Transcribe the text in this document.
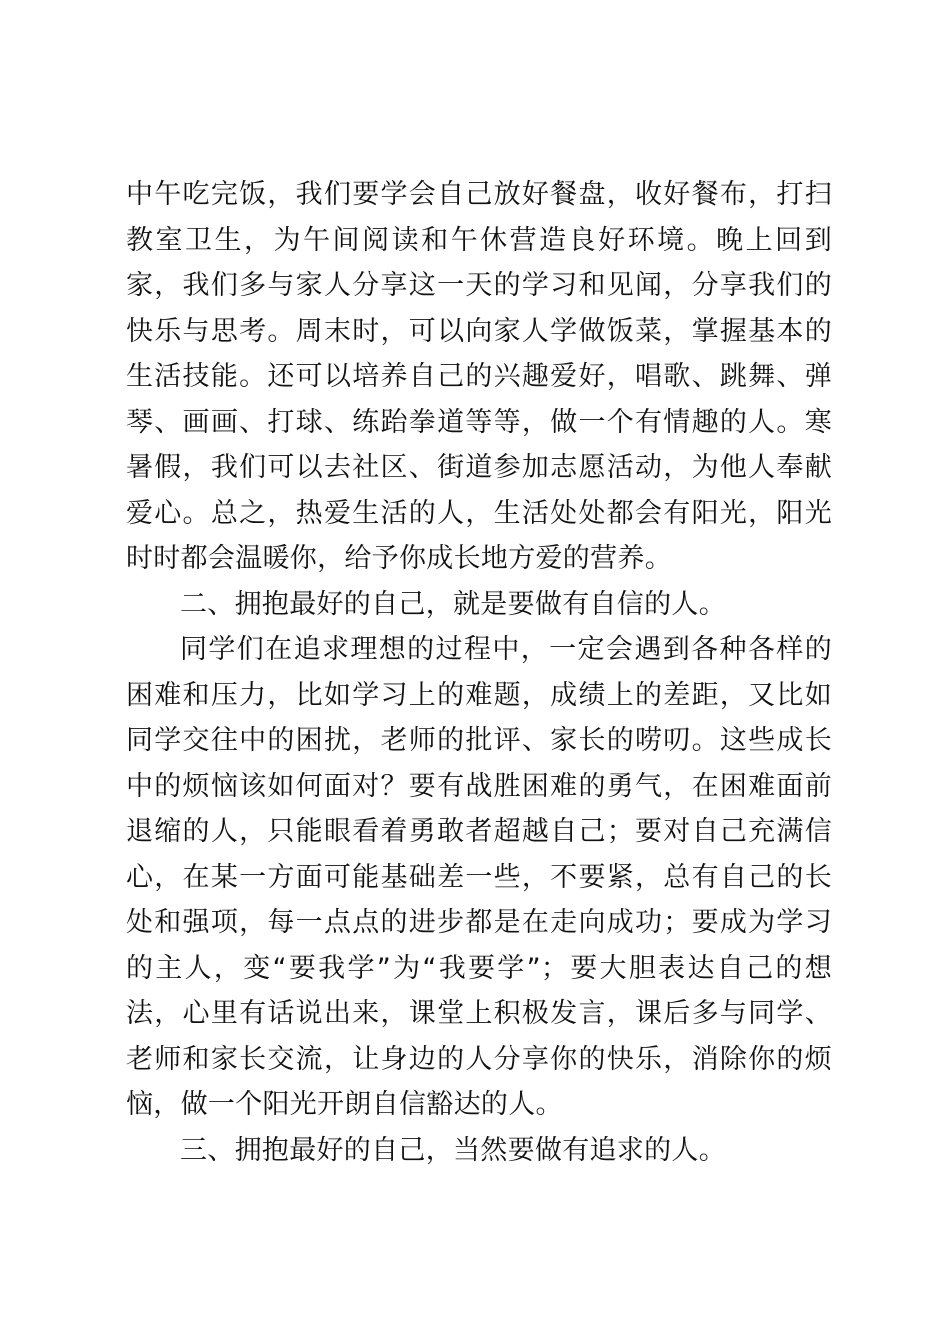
中午吃完饭，我们要学会自己放好餐盘，收好餐布，打扫教室卫生，为午间阅读和午休营造良好环境。晚上回到家，我们多与家人分享这一天的学习和见闻，分享我们的快乐与思考。周末时，可以向家人学做饭菜，掌握基本的生活技能。还可以培养自己的兴趣爱好，唱歌、跳舞、弹琴、画画、打球、练跆拳道等等，做一个有情趣的人。寒暑假，我们可以去社区、街道参加志愿活动，为他人奉献爱心。总之，热爱生活的人，生活处处都会有阳光，阳光时时都会温暖你，给予你成长地方爱的营养。

二、拥抱最好的自己，就是要做有自信的人。

同学们在追求理想的过程中，一定会遇到各种各样的困难和压力，比如学习上的难题，成绩上的差距，又比如同学交往中的困扰，老师的批评、家长的唠叨。这些成长中的烦恼该如何面对？要有战胜困难的勇气，在困难面前退缩的人，只能眼看着勇敢者超越自己；要对自己充满信心，在某一方面可能基础差一些，不要紧，总有自己的长处和强项，每一点点的进步都是在走向成功；要成为学习的主人，变“要我学”为“我要学”；要大胆表达自己的想法，心里有话说出来，课堂上积极发言，课后多与同学、老师和家长交流，让身边的人分享你的快乐，消除你的烦恼，做一个阳光开朗自信豁达的人。

三、拥抱最好的自己，当然要做有追求的人。
